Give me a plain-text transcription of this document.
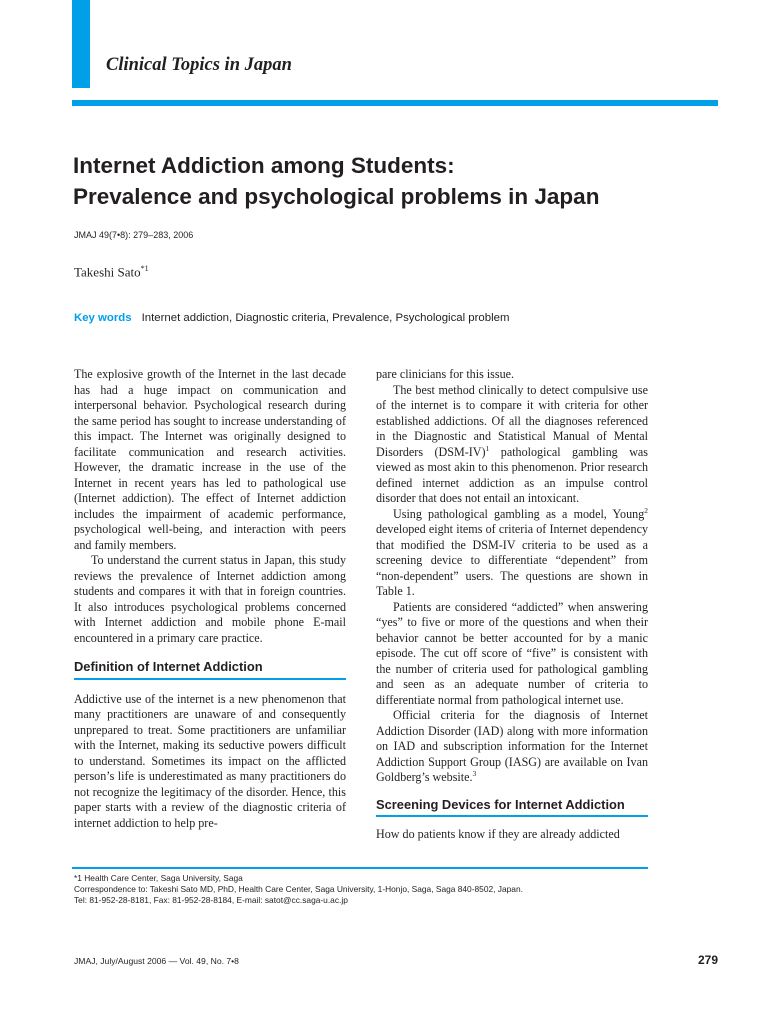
Clinical Topics in Japan
Internet Addiction among Students:
Prevalence and psychological problems in Japan
JMAJ 49(7•8): 279–283, 2006
Takeshi Sato$^{*1}$
Key words Internet addiction, Diagnostic criteria, Prevalence, Psychological problem

The explosive growth of the Internet in the last decade has had a huge impact on communication and interpersonal behavior. Psychological research during the same period has sought to increase understanding of this impact. The Internet was originally designed to facilitate communication and research activities. However, the dramatic increase in the use of the Internet in recent years has led to pathological use (Internet addiction). The effect of Internet addiction includes the impairment of academic performance, psychological well-being, and interaction with peers and family members.

To understand the current status in Japan, this study reviews the prevalence of Internet addiction among students and compares it with that in foreign countries. It also introduces psychological problems concerned with Internet addiction and mobile phone E-mail encountered in a primary care practice.

Definition of Internet Addiction

Addictive use of the internet is a new phenomenon that many practitioners are unaware of and consequently unprepared to treat. Some practitioners are unfamiliar with the Internet, making its seductive powers difficult to understand. Sometimes its impact on the afflicted person’s life is underestimated as many practitioners do not recognize the legitimacy of the disorder. Hence, this paper starts with a review of the diagnostic criteria of internet addiction to help pre-

pare clinicians for this issue.

The best method clinically to detect compulsive use of the internet is to compare it with criteria for other established addictions. Of all the diagnoses referenced in the Diagnostic and Statistical Manual of Mental Disorders $(DSM-IV)^1$ pathological gambling was viewed as most akin to this phenomenon. Prior research defined internet addiction as an impulse control disorder that does not entail an intoxicant.

Using pathological gambling as a model, Young$^2$ developed eight items of criteria of Internet dependency that modified the DSM-IV criteria to be used as a screening device to differentiate “dependent” from “non-dependent” users. The questions are shown in Table 1.

Patients are considered “addicted” when answering “yes” to five or more of the questions and when their behavior cannot be better accounted for by a manic episode. The cut off score of “five” is consistent with the number of criteria used for pathological gambling and seen as an adequate number of criteria to differentiate normal from pathological internet use.

Official criteria for the diagnosis of Internet Addiction Disorder (IAD) along with more information on IAD and subscription information for the Internet Addiction Support Group (IASG) are available on Ivan Goldberg’s website.$^3$

Screening Devices for Internet Addiction

How do patients know if they are already addicted

*1 Health Care Center, Saga University, Saga
Correspondence to: Takeshi Sato MD, PhD, Health Care Center, Saga University, 1-Honjo, Saga, Saga 840-8502, Japan.
Tel: 81-952-28-8181, Fax: 81-952-28-8184, E-mail: satot@cc.saga-u.ac.jp
JMAJ, July/August 2006 — Vol. 49, No. 7•8	279
